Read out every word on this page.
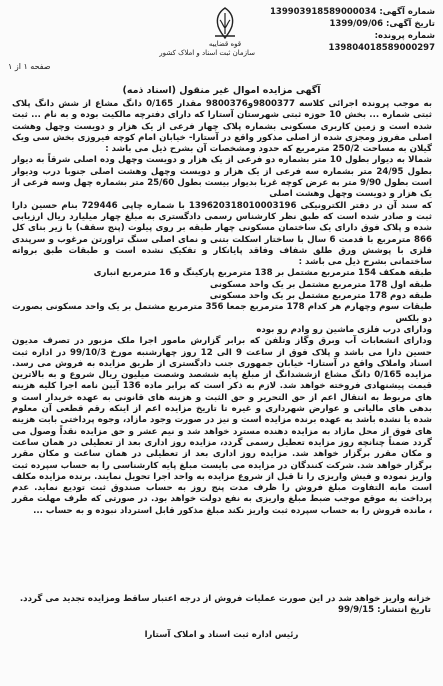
شماره آگهی: 139903918589000034
تاریخ آگهی: 1399/09/06
شماره پرونده:
139804018589000297
قوه قضاییه
سازمان ثبت اسناد و املاک کشور
صفحه ۱ از ۱
آگهی مزایده اموال غیر منقول (اسناد ذمه)

به موجب پرونده اجرائی کلاسه 9800377و9800376 مقدار 0/165 دانگ مشاع از شش دانگ پلاک ثبتی شماره ... بخش 10 حوزه ثبتی شهرستان آستارا که دارای دفترچه مالکیت بوده و به نام ... ثبت شده است و زمین کاربری مسکونی بشماره پلاک چهار فرعی از یک هزار و دویست وچهل وهشت اصلی مفروز ومجزی شده از اصلی مذکور واقع در آستارا- خیابان امام کوچه فیروزی بخش سی ویک گیلان به مساحت 250/2 مترمربع که حدود ومشخصات آن بشرح ذیل می باشد :

شمالا به دیوار بطول 10 متر بشماره دو فرعی از یک هزار و دویست وچهل وده اصلی شرقاً به دیوار بطول 24/95 متر بشماره سه فرعی از یک هزار و دویست وچهل وهشت اصلی جنوبا درب ودیوار است بطول 9/90 متر به عرض کوچه غربا بدیوار بیست بطول 25/60 متر بشماره چهل وسه فرعی از یک هزار و دویست وچهل وهشت اصلی

که سند آن در دفتر الکترونیکی 139620318010003196 با شماره چاپی 729446 بنام حسین دارا ثبت و صادر شده است که طبق نظر کارشناس رسمی دادگستری به مبلغ چهار میلیارد ریال ارزیابی شده و پلاک فوق دارای یک ساختمان مسکونی چهار طبقه بر روی پیلوت (پنج سقف) با زیر بنای کل 866 مترمربع با قدمت 6 سال با ساختار اسکلت بتنی و نمای اصلی سنگ تراورتن مرغوب و سرپندی فلزی با پوشش ورق طلق شفاف وفاقد پایانکار و تفکیک نشده است و طبقات طبق برواته ساختمانی بشرح ذیل می باشد :

طبقه همکف 154 مترمربع مشتمل بر 138 مترمربع پارکینگ و 16 مترمربع انباری

طبقه اول 178 مترمربع مشتمل بر یک واحد مسکونی

طبقه دوم 178 مترمربع مشتمل بر یک واحد مسکونی

طبقات سوم وچهارم هر کدام 178 مترمربع جمعا 356 مترمربع مشتمل بر یک واحد مسکونی بصورت دو بلکس

ودارای درب فلزی ماشین رو وادم رو بوده

ودارای انشعابات آب وبرق وگاز وتلفن که برابر گزارش مامور اجرا ملک مزبور در تصرف مدیون حسین دارا می باشد و پلاک فوق از ساعت 9 الی 12 روز چهارشنبه مورخ 99/10/3 در اداره ثبت اسناد واملاک واقع در آستارا- خیابان جمهوری جنب دادگستری از طریق مزایده به فروش می رسد. مزایده 0/165 دانگ مشاع ازششدانگ از مبلغ پایه ششصد وشصت میلیون ریال شروع و به بالاترین قیمت پیشنهادی فروخته خواهد شد. لازم به ذکر است که برابر ماده 136 آیین نامه اجرا کلیه هزینه های مربوط به انتقال اعم از حق التحریر و حق الثبت و هزینه های قانونی به عهده خریدار است و بدهی های مالیاتی و عوارض شهرداری و غیره تا تاریخ مزایده اعم از اینکه رقم قطعی آن معلوم شده یا نشده باشد به عهده برنده مزایده است و نیز در صورت وجود مازاد، وجوه پرداختی بابت هزینه های فوق از محل مازاد به مزایده دهنده مسترد خواهد شد و نیم عشر و حق مزایده نقداً وصول می گردد ضمناً چنانچه روز مزایده تعطیل رسمی گردد، مزایده روز اداری بعد از تعطیلی در همان ساعت و مکان مقرر برگزار خواهد شد. مزایده روز اداری بعد از تعطیلی در همان ساعت و مکان مقرر برگزار خواهد شد. شرکت کنندگان در مزایده می بایست مبلغ پایه کارشناسی را به حساب سپرده ثبت واریز نموده و فیش واریزی را تا قبل از شروع مزایده به واحد اجرا تحویل نمایند. برنده مزایده مکلف است مابه التفاوت مبلغ فروش را ظرف مدت پنج روز به حساب صندوق ثبت تودیع نماید. عدم پرداخت به موقع موجب ضبط مبلغ واریزی به نفع دولت خواهد بود. در صورتی که طرف مهلت مقرر ، مانده فروش را به حساب سپرده ثبت واریز نکند مبلغ مذکور قابل استرداد نبوده و به حساب ...

خزانه واریز خواهد شد در این صورت عملیات فروش از درجه اعتبار ساقط ومزایده تجدید می گردد.

تاریخ انتشار: 99/9/15

رئیس اداره ثبت اسناد و املاک آستارا
